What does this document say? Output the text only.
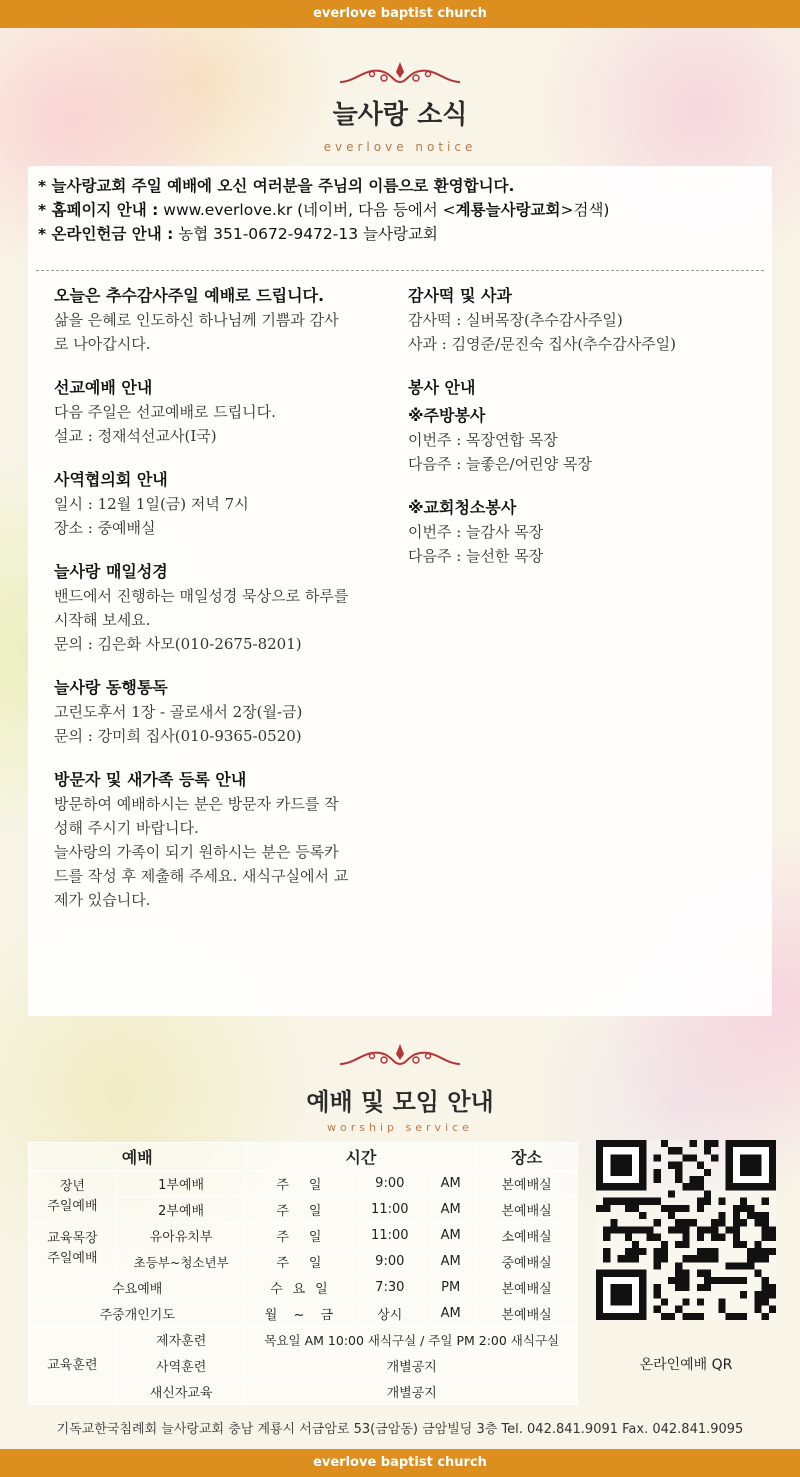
everlove baptist church
늘사랑 소식
everlove notice

* 늘사랑교회 주일 예배에 오신 여러분을 주님의 이름으로 환영합니다.

* 홈페이지 안내 : www.everlove.kr (네이버, 다음 등에서 <계룡늘사랑교회>검색)

* 온라인헌금 안내 : 농협 351-0672-9472-13 늘사랑교회

오늘은 추수감사주일 예배로 드립니다.

삶을 은혜로 인도하신 하나님께 기쁨과 감사
로 나아갑시다.

선교예배 안내

다음 주일은 선교예배로 드립니다.
설교 : 정재석선교사(I국)

사역협의회 안내

일시 : 12월 1일(금) 저녁 7시
장소 : 중예배실

늘사랑 매일성경

밴드에서 진행하는 매일성경 묵상으로 하루를
시작해 보세요.
문의 : 김은화 사모(010-2675-8201)

늘사랑 동행통독

고린도후서 1장 - 골로새서 2장(월-금)
문의 : 강미희 집사(010-9365-0520)

방문자 및 새가족 등록 안내

방문하여 예배하시는 분은 방문자 카드를 작
성해 주시기 바랍니다.
늘사랑의 가족이 되기 원하시는 분은 등록카
드를 작성 후 제출해 주세요. 새식구실에서 교
제가 있습니다.

감사떡 및 사과

감사떡 : 실버목장(추수감사주일)
사과 : 김영준/문진숙 집사(추수감사주일)

봉사 안내
※주방봉사

이번주 : 목장연합 목장
다음주 : 늘좋은/어린양 목장

※교회청소봉사

이번주 : 늘감사 목장
다음주 : 늘선한 목장

예배 및 모임 안내
worship service
예배		시간			장소
장년
주일예배	1부예배	주일	9:00	AM	본예배실
	2부예배	주일	11:00	AM	본예배실
교육목장
주일예배	유아유치부	주일	11:00	AM	소예배실
	초등부~청소년부	주일	9:00	AM	중예배실
수요예배		수요일	7:30	PM	본예배실
주중개인기도		월 ~ 금	상시	AM	본예배실
교육훈련	제자훈련	목요일 AM 10:00 새식구실 / 주일 PM 2:00 새식구실			
	사역훈련	개별공지			
	새신자교육	개별공지			
온라인예배 QR
기독교한국침례회 늘사랑교회 충남 계룡시 서금암로 53(금암동) 금암빌딩 3층 Tel. 042.841.9091 Fax. 042.841.9095
everlove baptist church
